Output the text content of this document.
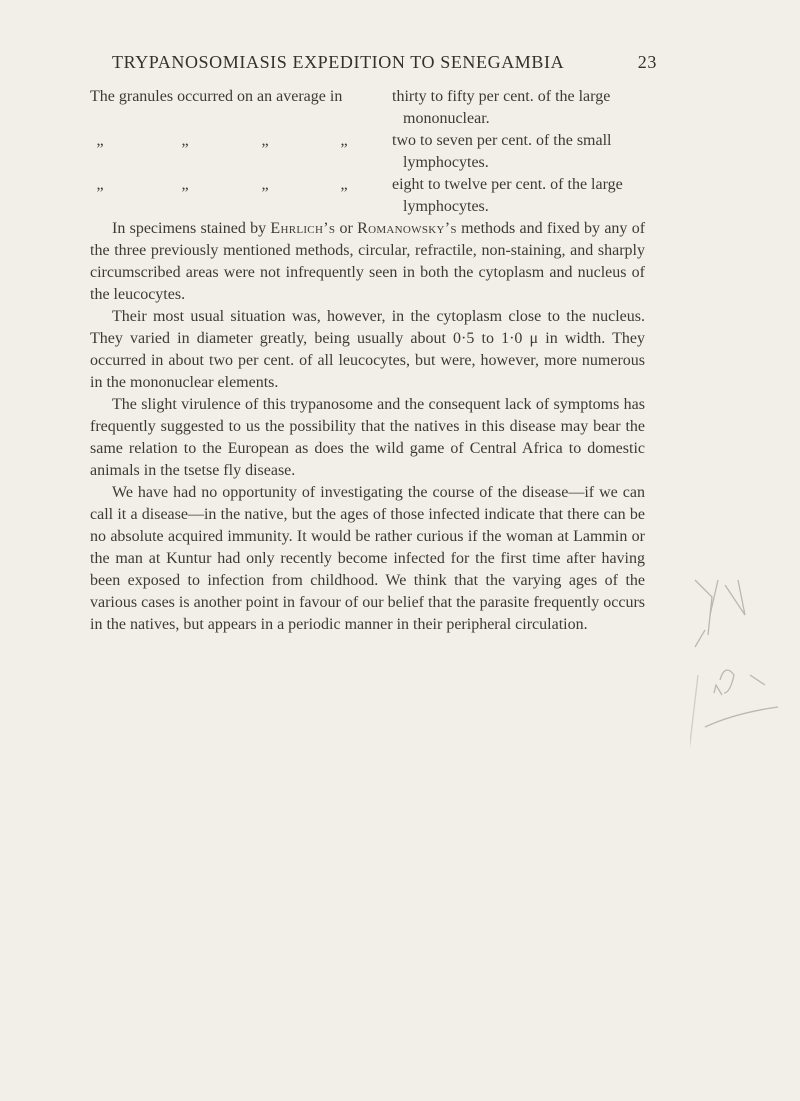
TRYPANOSOMIASIS EXPEDITION TO SENEGAMBIA	23
The granules occurred on an average in	thirty to fifty per cent. of the large
mononuclear.
„	„	„	„	two to seven per cent. of the small
lymphocytes.
„	„	„	„	eight to twelve per cent. of the large
lymphocytes.

In specimens stained by Ehrlich’s or Romanowsky’s methods and fixed by any of the three previously mentioned methods, circular, refractile, non-staining, and sharply circumscribed areas were not infrequently seen in both the cytoplasm and nucleus of the leucocytes.

Their most usual situation was, however, in the cytoplasm close to the nucleus. They varied in diameter greatly, being usually about 0·5 to 1·0 μ in width. They occurred in about two per cent. of all leucocytes, but were, however, more numerous in the mononuclear elements.

The slight virulence of this trypanosome and the consequent lack of symptoms has frequently suggested to us the possibility that the natives in this disease may bear the same relation to the European as does the wild game of Central Africa to domestic animals in the tsetse fly disease.

We have had no opportunity of investigating the course of the disease—if we can call it a disease—in the native, but the ages of those infected indicate that there can be no absolute acquired immunity. It would be rather curious if the woman at Lammin or the man at Kuntur had only recently become infected for the first time after having been exposed to infection from childhood. We think that the varying ages of the various cases is another point in favour of our belief that the parasite frequently occurs in the natives, but appears in a periodic manner in their peripheral circulation.
